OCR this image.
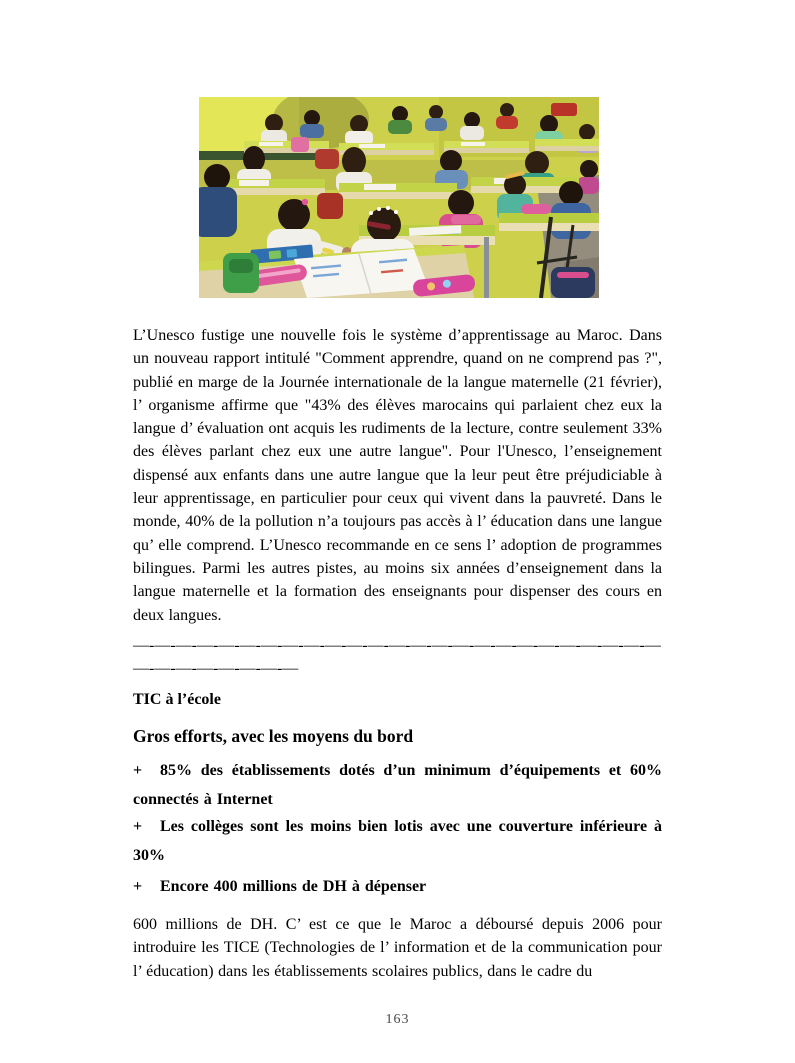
L’Unesco fustige une nouvelle fois le système d’apprentissage au Maroc. Dans un nouveau rapport intitulé "Comment apprendre, quand on ne comprend pas ?", publié en marge de la Journée internationale de la langue maternelle (21 février), l’ organisme affirme que "43% des élèves marocains qui parlaient chez eux la langue d’ évaluation ont acquis les rudiments de la lecture, contre seulement 33% des élèves parlant chez eux une autre langue". Pour l'Unesco, l’enseignement dispensé aux enfants dans une autre langue que la leur peut être préjudiciable à leur apprentissage, en particulier pour ceux qui vivent dans la pauvreté. Dans le monde, 40% de la pollution n’a toujours pas accès à l’ éducation dans une langue qu’ elle comprend. L’Unesco recommande en ce sens l’ adoption de programmes bilingues. Parmi les autres pistes, au moins six années d’enseignement dans la langue maternelle et la formation des enseignants pour dispenser des cours en deux langues.

—-—-—-—-—-—-—-—-—-—-—-—-—-—-—-—-—-—-—-—-—-—-—-—-—
—-—-—-—-—-—-—-—
TIC à l’école
Gros efforts, avec les moyens du bord

+ 85% des établissements dotés d’un minimum d’équipements et 60% connectés à Internet

+ Les collèges sont les moins bien lotis avec une couverture inférieure à 30%

+ Encore 400 millions de DH à dépenser

600 millions de DH. C’ est ce que le Maroc a déboursé depuis 2006 pour introduire les TICE (Technologies de l’ information et de la communication pour l’ éducation) dans les établissements scolaires publics, dans le cadre du

163
